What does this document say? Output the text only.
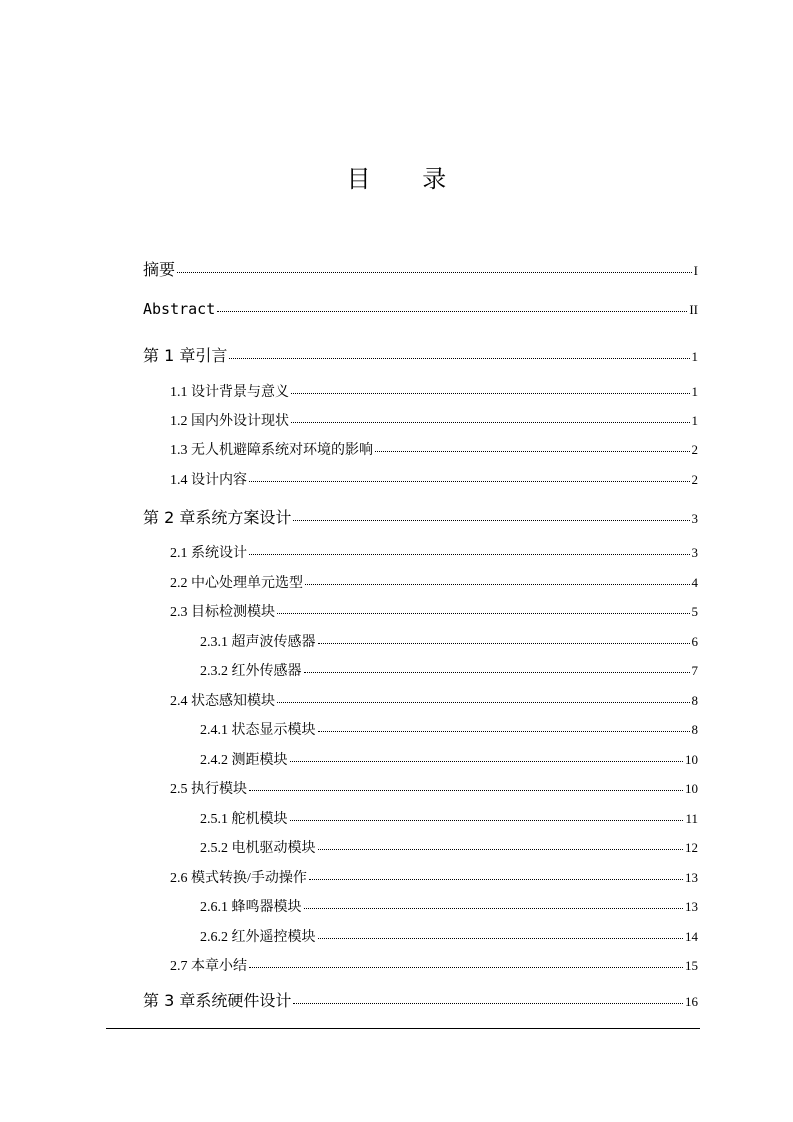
目 录
摘要	I
Abstract	II
第 1 章引言	1
1.1 设计背景与意义	1
1.2 国内外设计现状	1
1.3 无人机避障系统对环境的影响	2
1.4 设计内容	2
第 2 章系统方案设计	3
2.1 系统设计	3
2.2 中心处理单元选型	4
2.3 目标检测模块	5
2.3.1 超声波传感器	6
2.3.2 红外传感器	7
2.4 状态感知模块	8
2.4.1 状态显示模块	8
2.4.2 测距模块	10
2.5 执行模块	10
2.5.1 舵机模块	11
2.5.2 电机驱动模块	12
2.6 模式转换/手动操作	13
2.6.1 蜂鸣器模块	13
2.6.2 红外遥控模块	14
2.7 本章小结	15
第 3 章系统硬件设计	16
